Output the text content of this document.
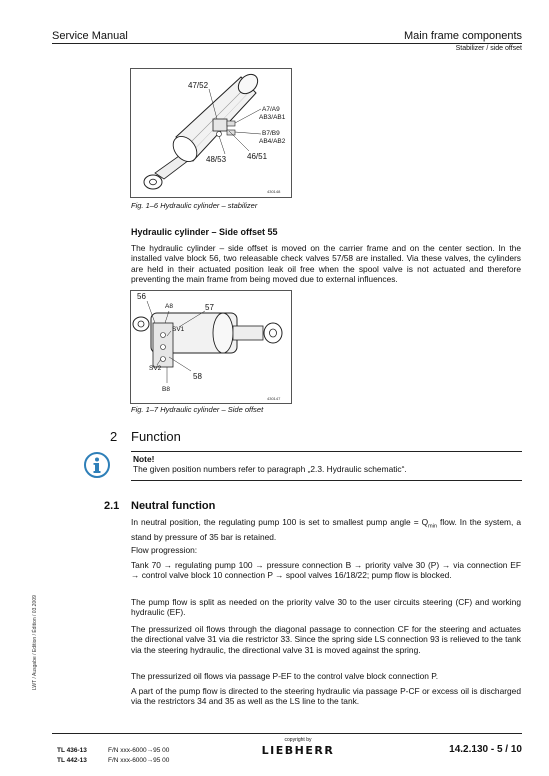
Service Manual	Main frame components
Stabilizer / side offset
47/52
A7/A9
AB3/AB1
B7/B9
AB4/AB2
48/53	46/51
430148
Fig. 1–6 Hydraulic cylinder – stabilizer
Hydraulic cylinder – Side offset 55
The hydraulic cylinder – side offset is moved on the carrier frame and on the center section. In the installed valve block 56, two releasable check valves 57/58 are installed. Via these valves, the cylinders are held in their actuated position leak oil free when the spool valve is not actuated and therefore preventing the main frame from being moved due to external influences.
56
A8	57
SV1
SV2
58
B8
430147
Fig. 1–7 Hydraulic cylinder – Side offset
2 Function
Note!
The given position numbers refer to paragraph „2.3. Hydraulic schematic“.
2.1 Neutral function
In neutral position, the regulating pump 100 is set to smallest pump angle = $Q_{min}$ flow. In the system, a stand by pressure of 35 bar is retained.
Flow progression:
Tank 70 → regulating pump 100 → pressure connection B → priority valve 30 (P) → via connection EF → control valve block 10 connection P → spool valves 16/18/22; pump flow is blocked.
The pump flow is split as needed on the priority valve 30 to the user circuits steering (CF) and working hydraulic (EF).
The pressurized oil flows through the diagonal passage to connection CF for the steering and actuates the directional valve 31 via die restrictor 33. Since the spring side LS connection 93 is relieved to the tank via the steering hydraulic, the directional valve 31 is moved against the spring.
The pressurized oil flows via passage P-EF to the control valve block connection P.
A part of the pump flow is directed to the steering hydraulic via passage P-CF or excess oil is discharged via the restrictors 34 and 35 as well as the LS line to the tank.
LWT / Ausgabe / Edition / Édition / 03.2009
TL 436-13	F/N xxx-6000→95 00
TL 442-13	F/N xxx-6000→95 00
copyright by
LIEBHERR	14.2.130 - 5 / 10
